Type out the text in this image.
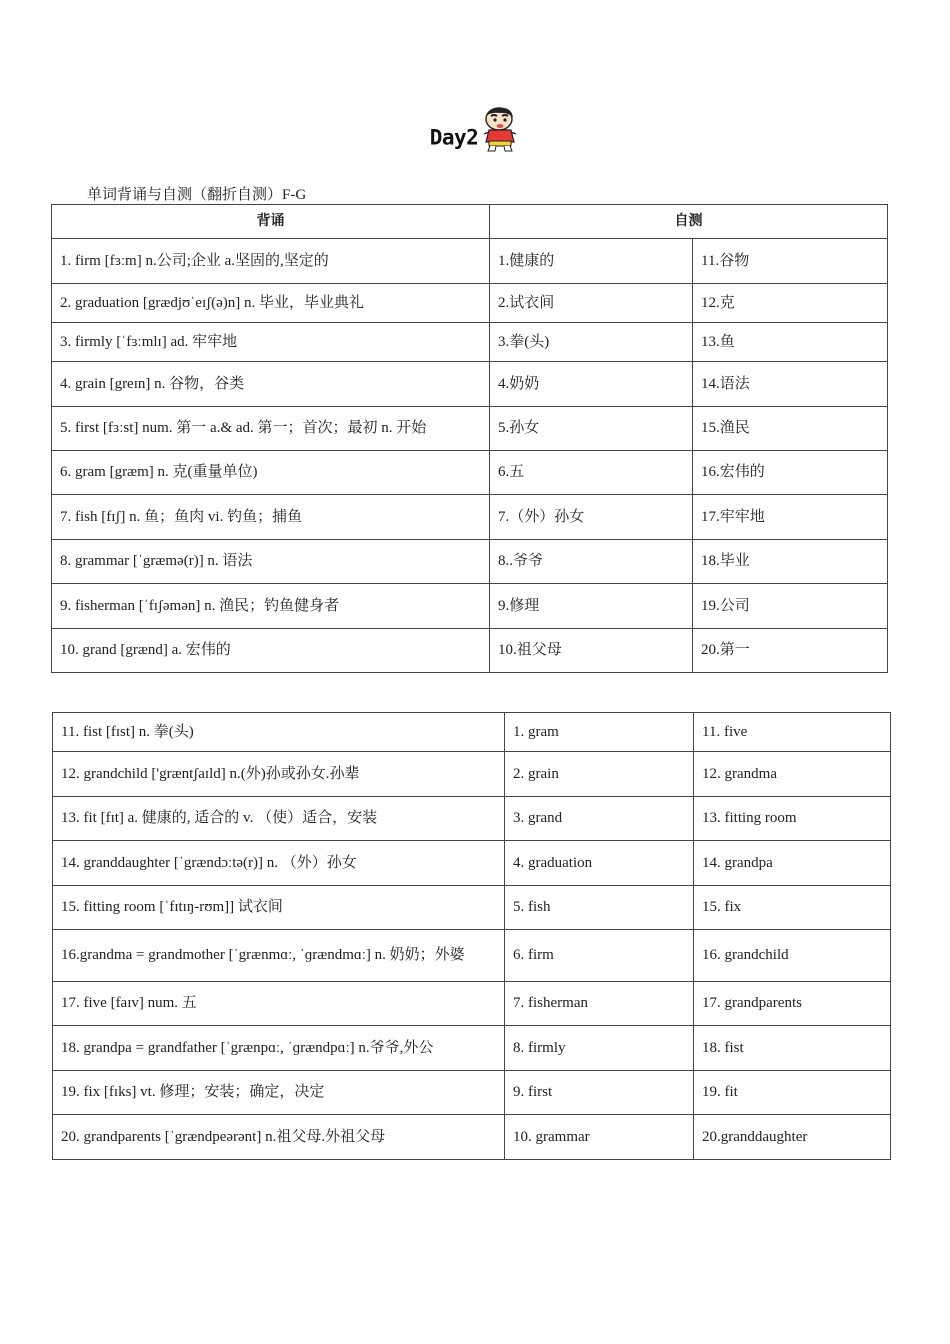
Day2
单词背诵与自测（翻折自测）F-G
背诵	自测	
1. firm [fɜːm] n.公司;企业 a.坚固的,坚定的	1.健康的	11.谷物
2. graduation [grædjʊˈeɪʃ(ə)n] n. 毕业，毕业典礼	2.试衣间	12.克
3. firmly [ˈfɜːmlɪ] ad. 牢牢地	3.拳(头)	13.鱼
4. grain [greɪn] n. 谷物，谷类	4.奶奶	14.语法
5. first [fɜːst] num. 第一 a.& ad. 第一；首次；最初 n. 开始	5.孙女	15.渔民
6. gram [græm] n. 克(重量单位)	6.五	16.宏伟的
7. fish [fɪʃ] n. 鱼；鱼肉 vi. 钓鱼；捕鱼	7.（外）孙女	17.牢牢地
8. grammar [ˈgræmə(r)] n. 语法	8..爷爷	18.毕业
9. fisherman [ˈfɪʃəmən] n. 渔民；钓鱼健身者	9.修理	19.公司
10. grand [grænd] a. 宏伟的	10.祖父母	20.第一
11. fist [fɪst] n. 拳(头)	1. gram	11. five
12. grandchild ['græntʃaɪld] n.(外)孙或孙女.孙辈	2. grain	12. grandma
13. fit [fɪt] a. 健康的, 适合的 v. （使）适合，安装	3. grand	13. fitting room
14. granddaughter [ˈgrændɔːtə(r)] n. （外）孙女	4. graduation	14. grandpa
15. fitting room [ˈfɪtɪŋ-rʊm]] 试衣间	5. fish	15. fix
16.grandma = grandmother [ˈgrænmɑː, ˈɡrændmɑː] n. 奶奶；外婆	6. firm	16. grandchild
17. five [faɪv] num. 五	7. fisherman	17. grandparents
18. grandpa = grandfather [ˈgrænpɑː, ˈɡrændpɑː] n.爷爷,外公	8. firmly	18. fist
19. fix [fɪks] vt. 修理；安装；确定，决定	9. first	19. fit
20. grandparents [ˈgrændpeərənt] n.祖父母.外祖父母	10. grammar	20.granddaughter
